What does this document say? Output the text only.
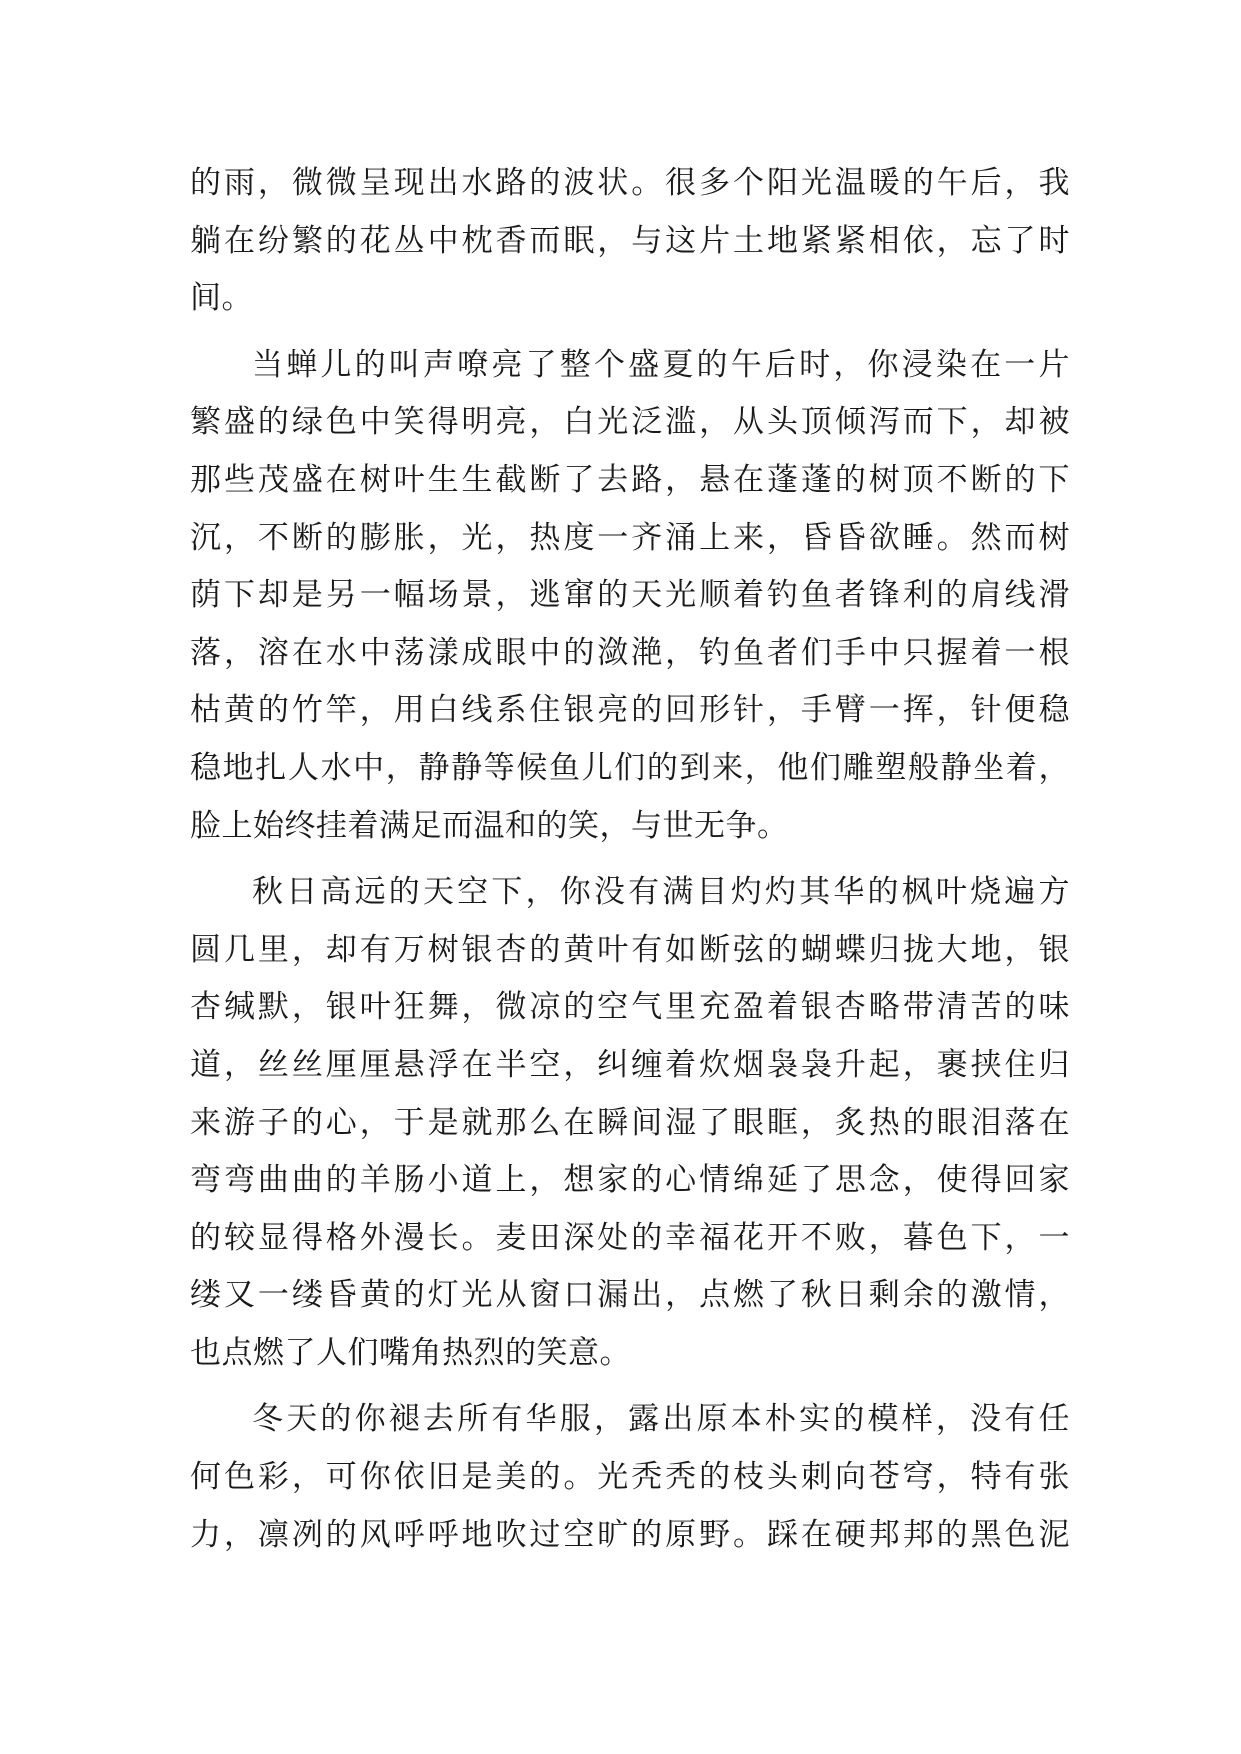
的雨，微微呈现出水路的波状。很多个阳光温暖的午后，我
躺在纷繁的花丛中枕香而眠，与这片土地紧紧相依，忘了时
间。
当蝉儿的叫声嘹亮了整个盛夏的午后时，你浸染在一片
繁盛的绿色中笑得明亮，白光泛滥，从头顶倾泻而下，却被
那些茂盛在树叶生生截断了去路，悬在蓬蓬的树顶不断的下
沉，不断的膨胀，光，热度一齐涌上来，昏昏欲睡。然而树
荫下却是另一幅场景，逃窜的天光顺着钓鱼者锋利的肩线滑
落，溶在水中荡漾成眼中的潋滟，钓鱼者们手中只握着一根
枯黄的竹竿，用白线系住银亮的回形针，手臂一挥，针便稳
稳地扎人水中，静静等候鱼儿们的到来，他们雕塑般静坐着，
脸上始终挂着满足而温和的笑，与世无争。
秋日高远的天空下，你没有满目灼灼其华的枫叶烧遍方
圆几里，却有万树银杏的黄叶有如断弦的蝴蝶归拢大地，银
杏缄默，银叶狂舞，微凉的空气里充盈着银杏略带清苦的味
道，丝丝厘厘悬浮在半空，纠缠着炊烟袅袅升起，裹挟住归
来游子的心，于是就那么在瞬间湿了眼眶，炙热的眼泪落在
弯弯曲曲的羊肠小道上，想家的心情绵延了思念，使得回家
的较显得格外漫长。麦田深处的幸福花开不败，暮色下，一
缕又一缕昏黄的灯光从窗口漏出，点燃了秋日剩余的激情，
也点燃了人们嘴角热烈的笑意。
冬天的你褪去所有华服，露出原本朴实的模样，没有任
何色彩，可你依旧是美的。光秃秃的枝头刺向苍穹，特有张
力，凛冽的风呼呼地吹过空旷的原野。踩在硬邦邦的黑色泥
